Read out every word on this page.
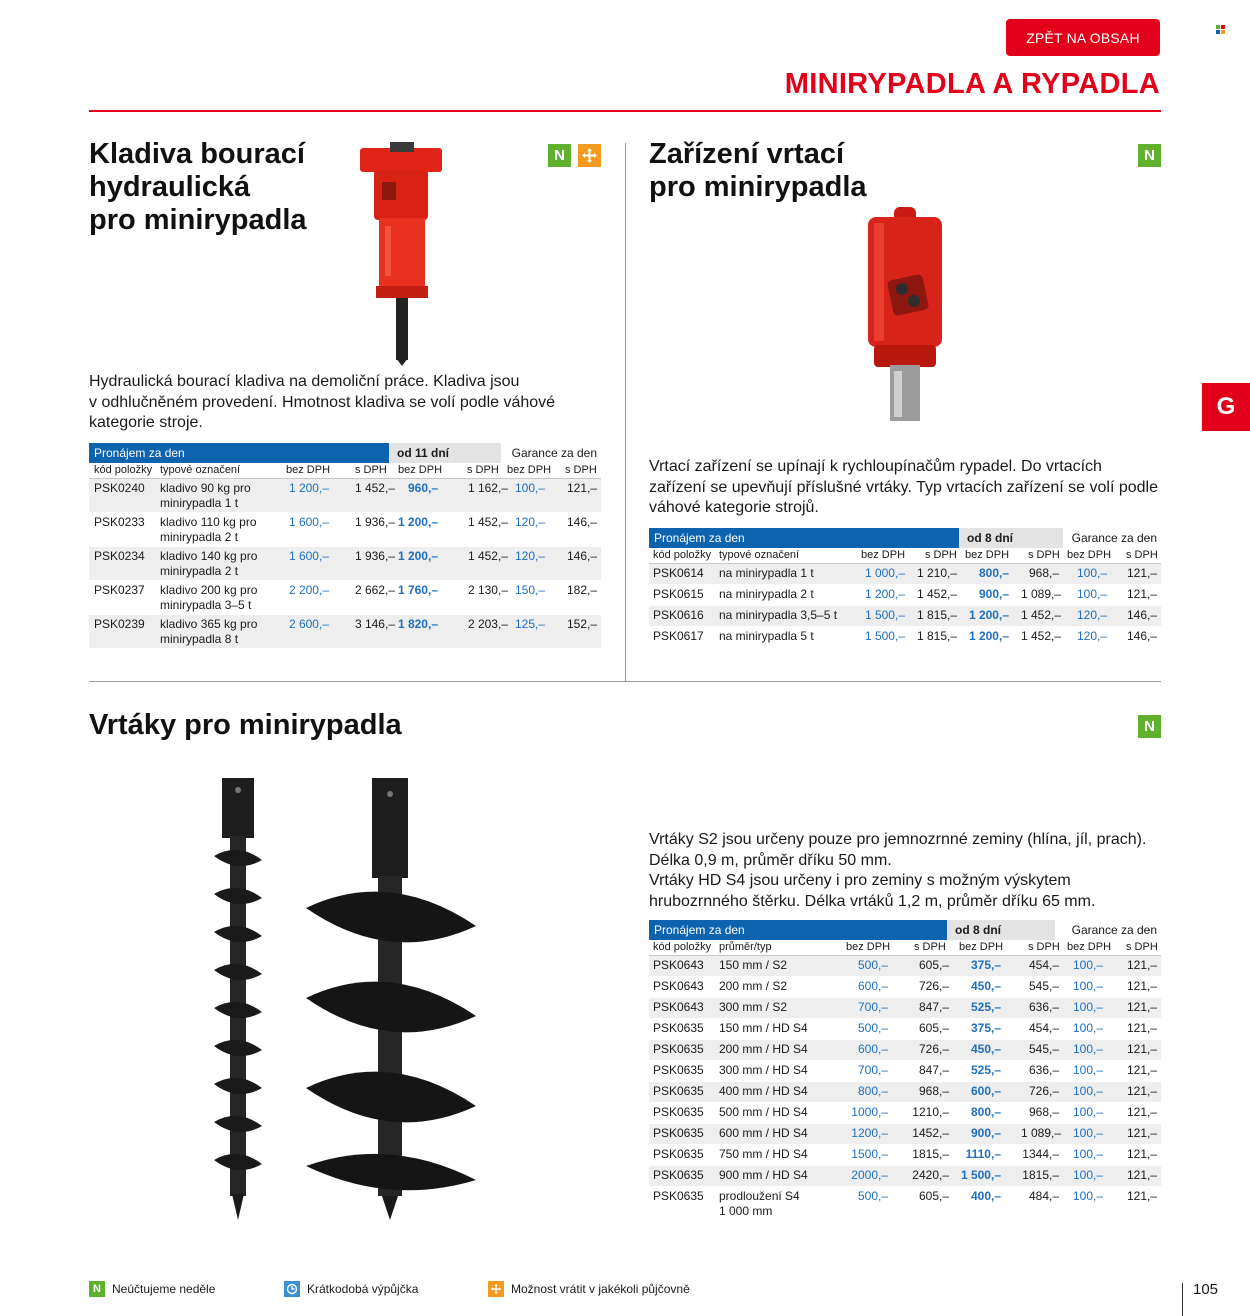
ZPĚT NA OBSAH
MINIRYPADLA A RYPADLA
G
Kladiva bourací
hydraulická
pro minirypadla
N
Hydraulická bourací kladiva na demoliční práce. Kladiva jsou
v odhlučněném provedení. Hmotnost kladiva se volí podle váhové
kategorie stroje.
Pronájem za den	od 11 dní	Garance za den
kód položky typové označení	bez DPH s DPH bez DPH s DPH bez DPH s DPH
PSK0240 kladivo 90 kg pro	1 200,–	1 452,–	960,–	1 162,– 100,–	121,–
minirypadla 1 t
PSK0233 kladivo 110 kg pro	1 600,–	1 936,– 1 200,–	1 452,– 120,–	146,–
minirypadla 2 t
PSK0234 kladivo 140 kg pro	1 600,–	1 936,– 1 200,–	1 452,– 120,–	146,–
minirypadla 2 t
PSK0237 kladivo 200 kg pro	2 200,–	2 662,– 1 760,–	2 130,– 150,–	182,–
minirypadla 3–5 t
PSK0239 kladivo 365 kg pro	2 600,–	3 146,– 1 820,–	2 203,– 125,–	152,–
minirypadla 8 t
Zařízení vrtací
pro minirypadla
N
Vrtací zařízení se upínají k rychloupínačům rypadel. Do vrtacích
zařízení se upevňují příslušné vrtáky. Typ vrtacích zařízení se volí podle
váhové kategorie strojů.
Pronájem za den	od 8 dní	Garance za den
kód položky typové označení	bez DPH s DPH bez DPH s DPH bez DPH s DPH
PSK0614 na minirypadla 1 t	1 000,– 1 210,–	800,–	968,–	100,–	121,–
PSK0615 na minirypadla 2 t	1 200,– 1 452,–	900,– 1 089,–	100,–	121,–
PSK0616 na minirypadla 3,5–5 t	1 500,– 1 815,– 1 200,– 1 452,–	120,–	146,–
PSK0617 na minirypadla 5 t	1 500,– 1 815,– 1 200,– 1 452,–	120,–	146,–
Vrtáky pro minirypadla	N
Vrtáky S2 jsou určeny pouze pro jemnozrnné zeminy (hlína, jíl, prach).
Délka 0,9 m, průměr dříku 50 mm.
Vrtáky HD S4 jsou určeny i pro zeminy s možným výskytem
hrubozrnného štěrku. Délka vrtáků 1,2 m, průměr dříku 65 mm.
Pronájem za den	od 8 dní	Garance za den
kód položky průměr/typ	bez DPH s DPH bez DPH s DPH bez DPH s DPH
PSK0643 150 mm / S2	500,–	605,–	375,–	454,–	100,–	121,–
PSK0643 200 mm / S2	600,–	726,–	450,–	545,–	100,–	121,–
PSK0643 300 mm / S2	700,–	847,–	525,–	636,–	100,–	121,–
PSK0635 150 mm / HD S4	500,–	605,–	375,–	454,–	100,–	121,–
PSK0635 200 mm / HD S4	600,–	726,–	450,–	545,–	100,–	121,–
PSK0635 300 mm / HD S4	700,–	847,–	525,–	636,–	100,–	121,–
PSK0635 400 mm / HD S4	800,–	968,–	600,–	726,–	100,–	121,–
PSK0635 500 mm / HD S4	1000,– 1210,–	800,–	968,–	100,–	121,–
PSK0635 600 mm / HD S4	1200,– 1452,–	900,– 1 089,– 100,–	121,–
PSK0635 750 mm / HD S4	1500,– 1815,–	1110,– 1344,–	100,–	121,–
PSK0635 900 mm / HD S4	2000,– 2420,– 1 500,– 1815,–	100,–	121,–
PSK0635 prodloužení S4	500,–	605,–	400,–	484,–	100,–	121,–
1 000 mm
N Neúčtujeme neděle	Krátkodobá výpůjčka	Možnost vrátit v jakékoli půjčovně	105
